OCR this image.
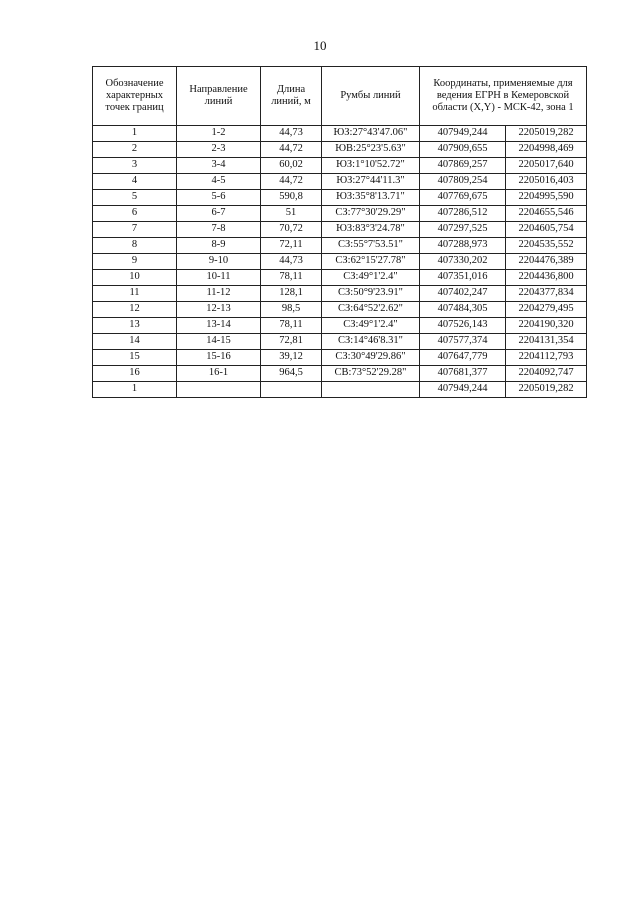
10
Обозначение характерных точек границ	Направление линий	Длина линий, м	Румбы линий	Координаты, применяемые для ведения ЕГРН в Кемеровской области (X,Y) - МСК-42, зона 1	
1	1-2	44,73	ЮЗ:27°43'47.06"	407949,244	2205019,282
2	2-3	44,72	ЮВ:25°23'5.63"	407909,655	2204998,469
3	3-4	60,02	ЮЗ:1°10'52.72"	407869,257	2205017,640
4	4-5	44,72	ЮЗ:27°44'11.3"	407809,254	2205016,403
5	5-6	590,8	ЮЗ:35°8'13.71"	407769,675	2204995,590
6	6-7	51	СЗ:77°30'29.29"	407286,512	2204655,546
7	7-8	70,72	ЮЗ:83°3'24.78"	407297,525	2204605,754
8	8-9	72,11	СЗ:55°7'53.51"	407288,973	2204535,552
9	9-10	44,73	СЗ:62°15'27.78"	407330,202	2204476,389
10	10-11	78,11	СЗ:49°1'2.4"	407351,016	2204436,800
11	11-12	128,1	СЗ:50°9'23.91"	407402,247	2204377,834
12	12-13	98,5	СЗ:64°52'2.62"	407484,305	2204279,495
13	13-14	78,11	СЗ:49°1'2.4"	407526,143	2204190,320
14	14-15	72,81	СЗ:14°46'8.31"	407577,374	2204131,354
15	15-16	39,12	СЗ:30°49'29.86"	407647,779	2204112,793
16	16-1	964,5	СВ:73°52'29.28"	407681,377	2204092,747
1				407949,244	2205019,282
